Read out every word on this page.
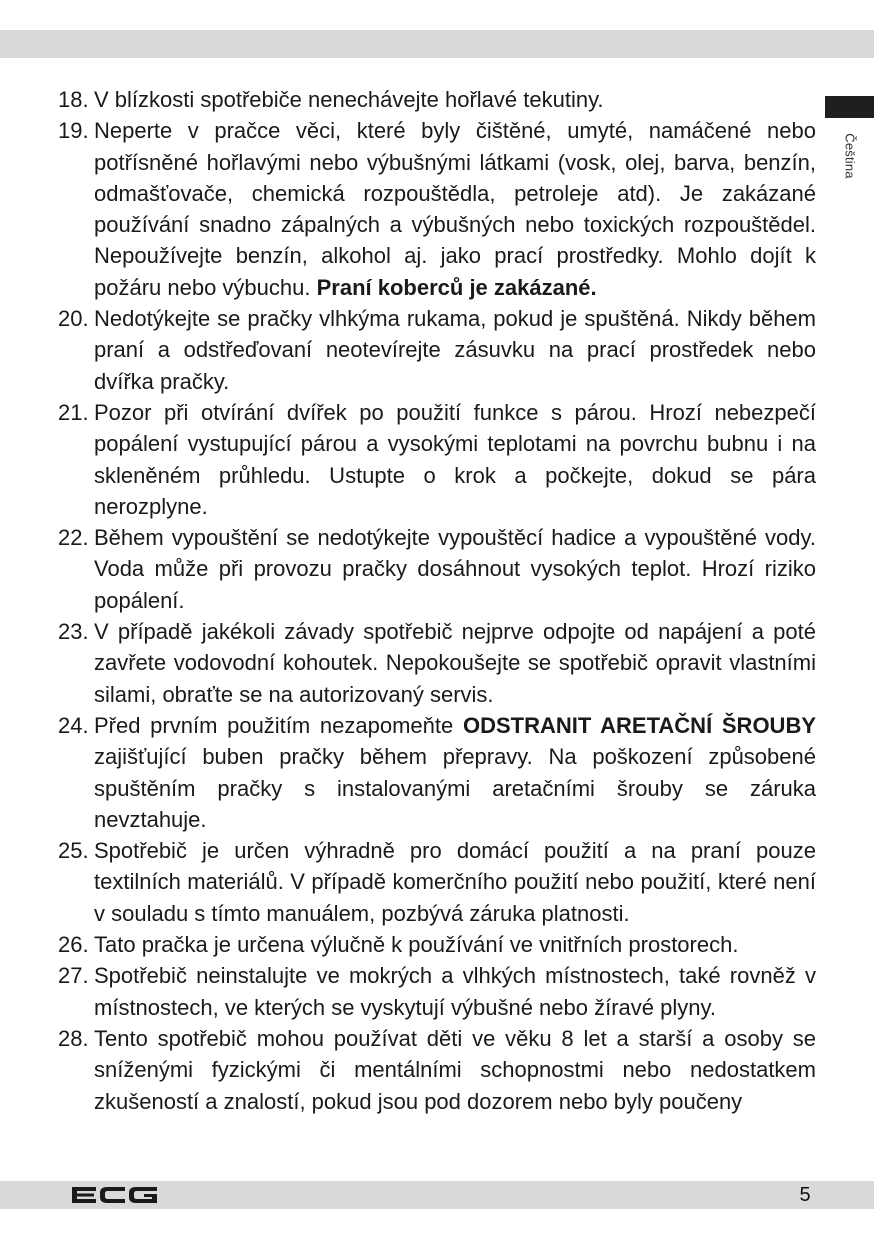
Čeština

18. V blízkosti spotřebiče nenechávejte hořlavé tekutiny.

19. Neperte v pračce věci, které byly čištěné, umyté, namáčené nebo potřísněné hořlavými nebo výbušnými látkami (vosk, olej, barva, benzín, odmašťovače, chemická rozpouštědla, petroleje atd). Je zakázané používání snadno zápalných a výbušných nebo toxických rozpouštědel. Nepoužívejte benzín, alkohol aj. jako prací prostředky. Mohlo dojít k požáru nebo výbuchu. Praní koberců je zakázané.

20. Nedotýkejte se pračky vlhkýma rukama, pokud je spuštěná. Nikdy během praní a odstřeďovaní neotevírejte zásuvku na prací prostředek nebo dvířka pračky.

21. Pozor při otvírání dvířek po použití funkce s párou. Hrozí nebezpečí popálení vystupující párou a vysokými teplotami na povrchu bubnu i na skleněném průhledu. Ustupte o krok a počkejte, dokud se pára nerozplyne.

22. Během vypouštění se nedotýkejte vypouštěcí hadice a vypouštěné vody. Voda může při provozu pračky dosáhnout vysokých teplot. Hrozí riziko popálení.

23. V případě jakékoli závady spotřebič nejprve odpojte od napájení a poté zavřete vodovodní kohoutek. Nepokoušejte se spotřebič opravit vlastními silami, obraťte se na autorizovaný servis.

24. Před prvním použitím nezapomeňte ODSTRANIT ARETAČNÍ ŠROUBY zajišťující buben pračky během přepravy. Na poškození způsobené spuštěním pračky s instalovanými aretačními šrouby se záruka nevztahuje.

25. Spotřebič je určen výhradně pro domácí použití a na praní pouze textilních materiálů. V případě komerčního použití nebo použití, které není v souladu s tímto manuálem, pozbývá záruka platnosti.

26. Tato pračka je určena výlučně k používání ve vnitřních prostorech.

27. Spotřebič neinstalujte ve mokrých a vlhkých místnostech, také rovněž v místnostech, ve kterých se vyskytují výbušné nebo žíravé plyny.

28. Tento spotřebič mohou používat děti ve věku 8 let a starší a osoby se sníženými fyzickými či mentálními schopnostmi nebo nedostatkem zkušeností a znalostí, pokud jsou pod dozorem nebo byly poučeny

5
